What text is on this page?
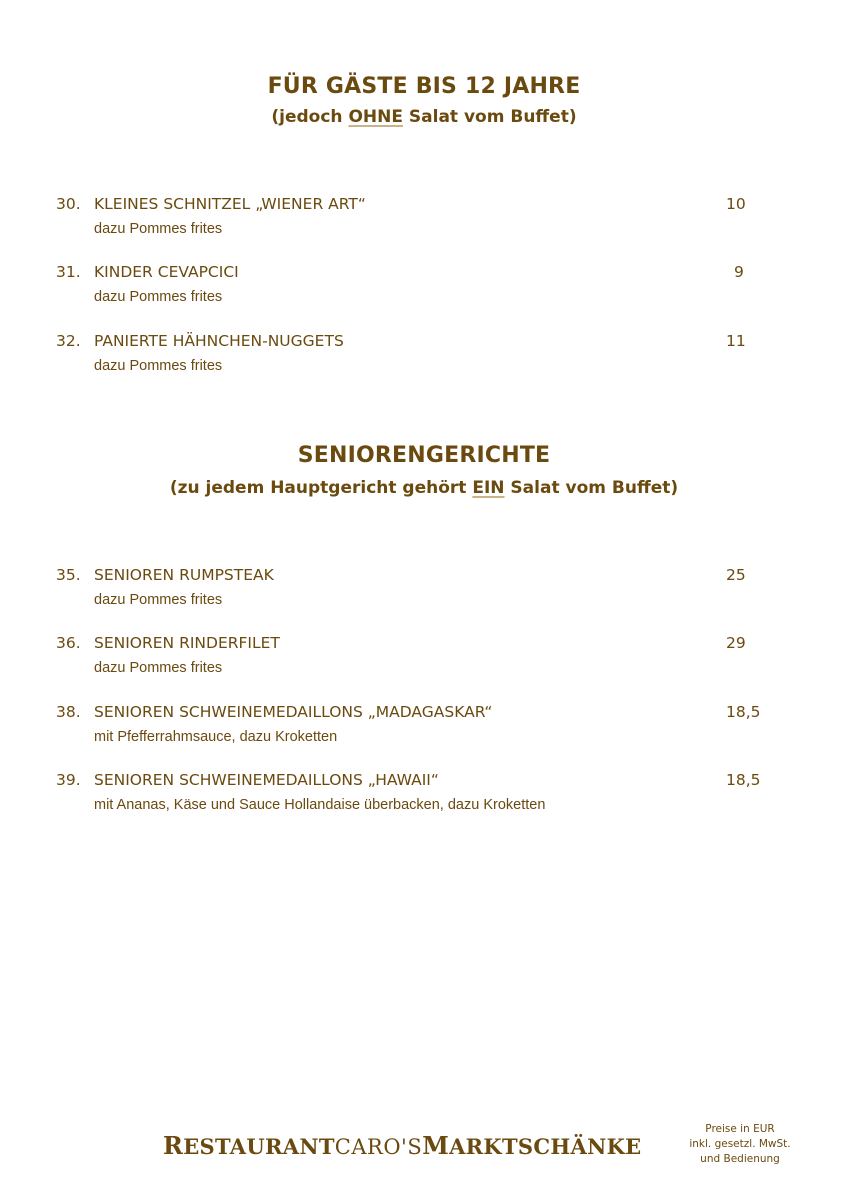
FÜR GÄSTE BIS 12 JAHRE

(jedoch OHNE Salat vom Buffet)

30. KLEINES SCHNITZEL „WIENER ART“	10
dazu Pommes frites
31. KINDER CEVAPCICI	9
dazu Pommes frites
32. PANIERTE HÄHNCHEN-NUGGETS	11
dazu Pommes frites
SENIORENGERICHTE

(zu jedem Hauptgericht gehört EIN Salat vom Buffet)

35. SENIOREN RUMPSTEAK	25
dazu Pommes frites
36. SENIOREN RINDERFILET	29
dazu Pommes frites
38. SENIOREN SCHWEINEMEDAILLONS „MADAGASKAR“	18,5
mit Pfefferrahmsauce, dazu Kroketten
39. SENIOREN SCHWEINEMEDAILLONS „HAWAII“	18,5
mit Ananas, Käse und Sauce Hollandaise überbacken, dazu Kroketten
RESTAURANTCARO'SMARKTSCHÄNKE
Preise in EUR
inkl. gesetzl. MwSt.
und Bedienung
